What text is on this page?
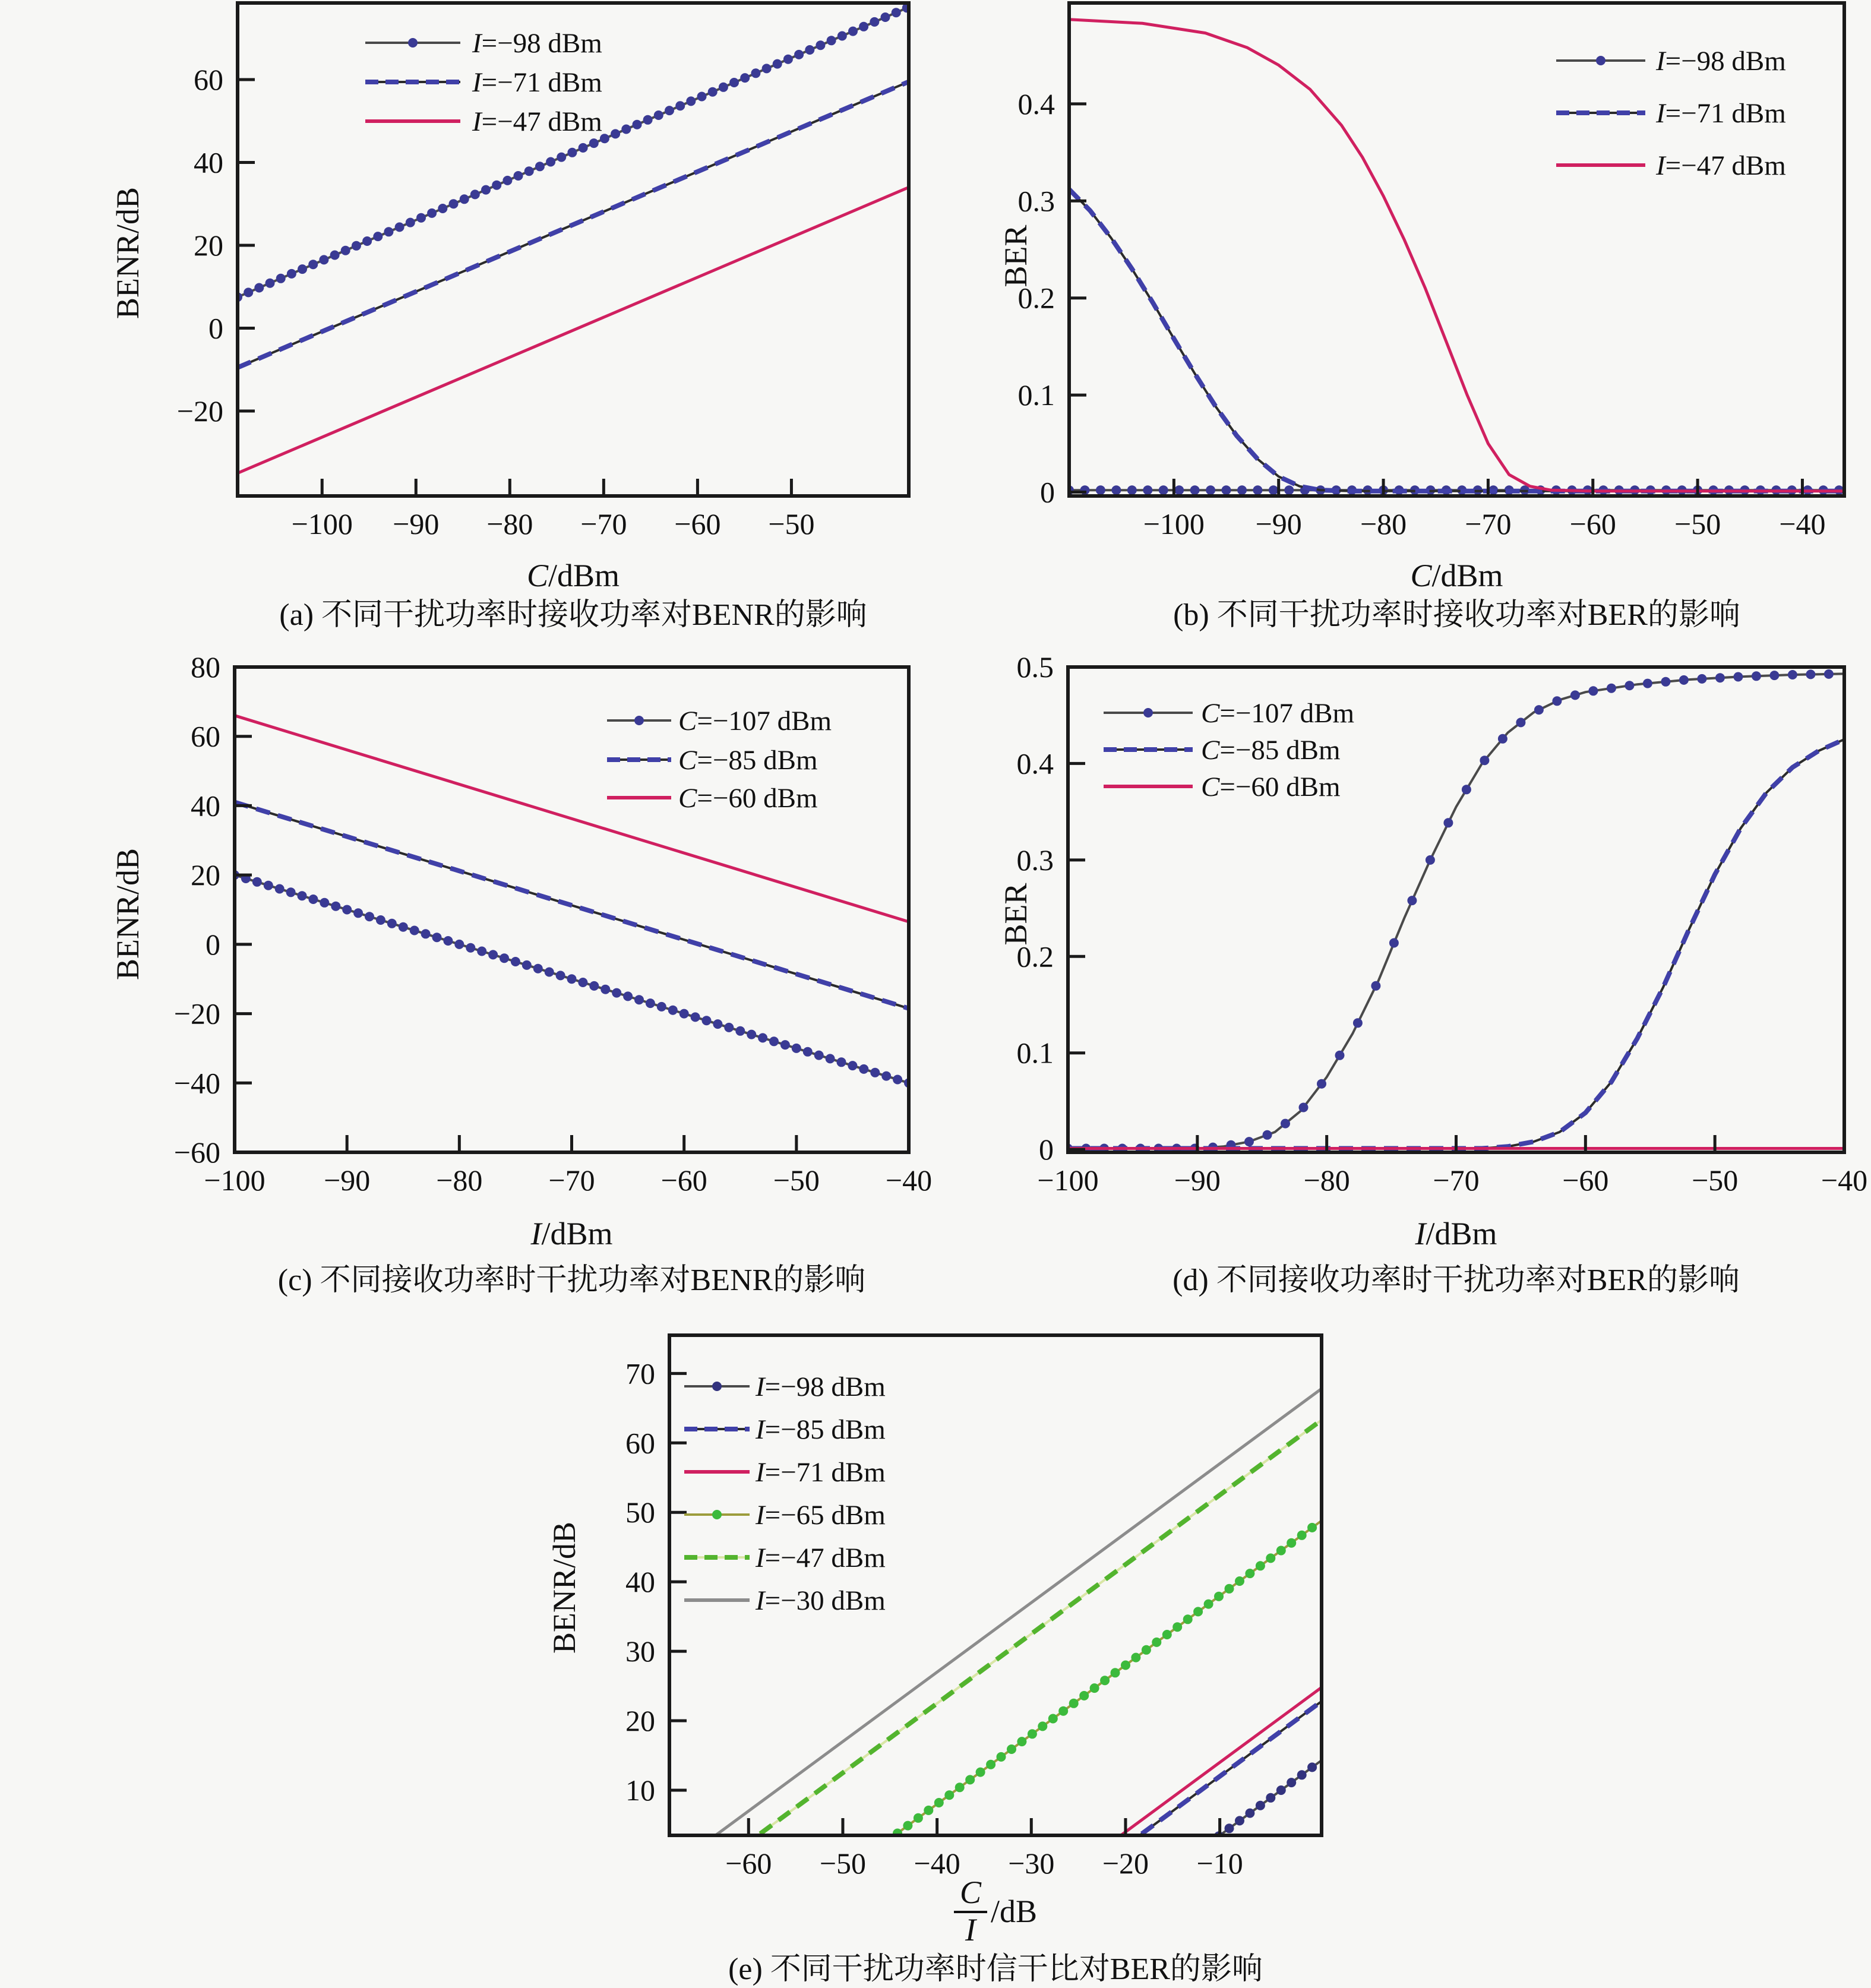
−100 −90 −80 −70 −60 −50
−20
0
20
40
60
I=−98 dBm
I=−71 dBm
I=−47 dBm
−100 −90 −80 −70 −60 −50 −40
0
0.1
0.2
0.3
0.4
I=−98 dBm
I=−71 dBm
I=−47 dBm
−100 −90 −80 −70 −60 −50 −40
−60
−40
−20
0
20
40
60
80
C=−107 dBm
C=−85 dBm
C=−60 dBm
−100	−90	−80	−70	−60	−50	−40
0
0.1
0.2
0.3
0.4
0.5
C=−107 dBm
C=−85 dBm
C=−60 dBm
−60 −50 −40 −30 −20 −10
10
20
30
40
50
60
70	I=−98 dBm
I=−85 dBm
I=−71 dBm
I=−65 dBm
I=−47 dBm
I=−30 dBm
C/dBm	C/dBm
I/dBm	I/dBm
$\frac{C}{I} /dB$
BENR/dB	BER
BENR/dB	BER
BENR/dB
(a) 不同干扰功率时接收功率对BENR的影响	(b) 不同干扰功率时接收功率对BER的影响
(c) 不同接收功率时干扰功率对BENR的影响	(d) 不同接收功率时干扰功率对BER的影响
(e) 不同干扰功率时信干比对BER的影响
